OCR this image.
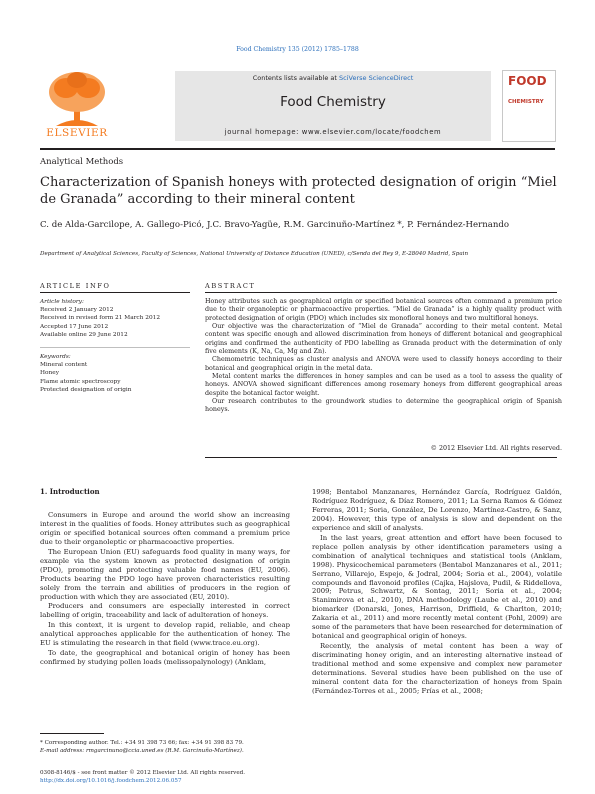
Food Chemistry 135 (2012) 1785–1788
ELSEVIER
Contents lists available at SciVerse ScienceDirect
Food Chemistry
journal homepage: www.elsevier.com/locate/foodchem
FOOD
CHEMISTRY
Analytical Methods
Characterization of Spanish honeys with protected designation of origin “Miel de Granada” according to their mineral content
C. de Alda-Garcilope, A. Gallego-Picó, J.C. Bravo-Yagüe, R.M. Garcinuño-Martínez *, P. Fernández-Hernando
Department of Analytical Sciences, Faculty of Sciences, National University of Distance Education (UNED), c/Senda del Rey 9, E-28040 Madrid, Spain
ARTICLE INFO	ABSTRACT
Article history:
Received 2 January 2012
Received in revised form 21 March 2012
Accepted 17 June 2012
Available online 29 June 2012
Keywords:
Mineral content
Honey
Flame atomic spectroscopy
Protected designation of origin

Honey attributes such as geographical origin or specified botanical sources often command a premium price due to their organoleptic or pharmacoactive properties. “Miel de Granada” is a highly quality product with protected designation of origin (PDO) which includes six monofloral honeys and two multifloral honeys.

Our objective was the characterization of “Miel de Granada” according to their metal content. Metal content was specific enough and allowed discrimination from honeys of different botanical and geographical origins and confirmed the authenticity of PDO labelling as Granada product with the determination of only five elements (K, Na, Ca, Mg and Zn).

Chemometric techniques as cluster analysis and ANOVA were used to classify honeys according to their botanical and geographical origin in the metal data.

Metal content marks the differences in honey samples and can be used as a tool to assess the quality of honeys. ANOVA showed significant differences among rosemary honeys from different geographical areas despite the botanical factor weight.

Our research contributes to the groundwork studies to determine the geographical origin of Spanish honeys.

© 2012 Elsevier Ltd. All rights reserved.

1. Introduction

Consumers in Europe and around the world show an increasing interest in the qualities of foods. Honey attributes such as geographical origin or specified botanical sources often command a premium price due to their organoleptic or pharmacoactive properties.

The European Union (EU) safeguards food quality in many ways, for example via the system known as protected designation of origin (PDO), promoting and protecting valuable food names (EU, 2006). Products bearing the PDO logo have proven characteristics resulting solely from the terrain and abilities of producers in the region of production with which they are associated (EU, 2010).

Producers and consumers are especially interested in correct labelling of origin, traceability and lack of adulteration of honeys.

In this context, it is urgent to develop rapid, reliable, and cheap analytical approaches applicable for the authentication of honey. The EU is stimulating the research in that field (www.trace.eu.org).

To date, the geographical and botanical origin of honey has been confirmed by studying pollen loads (melissopalynology) (Anklam,

1998; Bentabol Manzanares, Hernández García, Rodríguez Galdón, Rodríguez Rodríguez, & Díaz Romero, 2011; La Serna Ramos & Gómez Ferreras, 2011; Soria, González, De Lorenzo, Martínez-Castro, & Sanz, 2004). However, this type of analysis is slow and dependent on the experience and skill of analysts.

In the last years, great attention and effort have been focused to replace pollen analysis by other identification parameters using a combination of analytical techniques and statistical tools (Anklam, 1998). Physicochemical parameters (Bentabol Manzanares et al., 2011; Serrano, Villarejo, Espejo, & Jodral, 2004; Soria et al., 2004), volatile compounds and flavonoid profiles (Cajka, Hajslova, Pudil, & Riddellova, 2009; Petrus, Schwartz, & Sontag, 2011; Soria et al., 2004; Stanimirova et al., 2010), DNA methodology (Laube et al., 2010) and biomarker (Donarski, Jones, Harrison, Driffield, & Charlton, 2010; Zakaria et al., 2011) and more recently metal content (Pohl, 2009) are some of the parameters that have been researched for determination of botanical and geographical origin of honeys.

Recently, the analysis of metal content has been a way of discriminating honey origin, and an interesting alternative instead of traditional method and some expensive and complex new parameter determinations. Several studies have been published on the use of mineral content data for the characterization of honeys from Spain (Fernández-Torres et al., 2005; Frías et al., 2008;

* Corresponding author. Tel.: +34 91 398 73 66; fax: +34 91 398 83 79.
E-mail address: rmgarcinuno@ccia.uned.es (R.M. Garcinuño-Martínez).
0308-8146/$ - see front matter © 2012 Elsevier Ltd. All rights reserved.
http://dx.doi.org/10.1016/j.foodchem.2012.06.057
